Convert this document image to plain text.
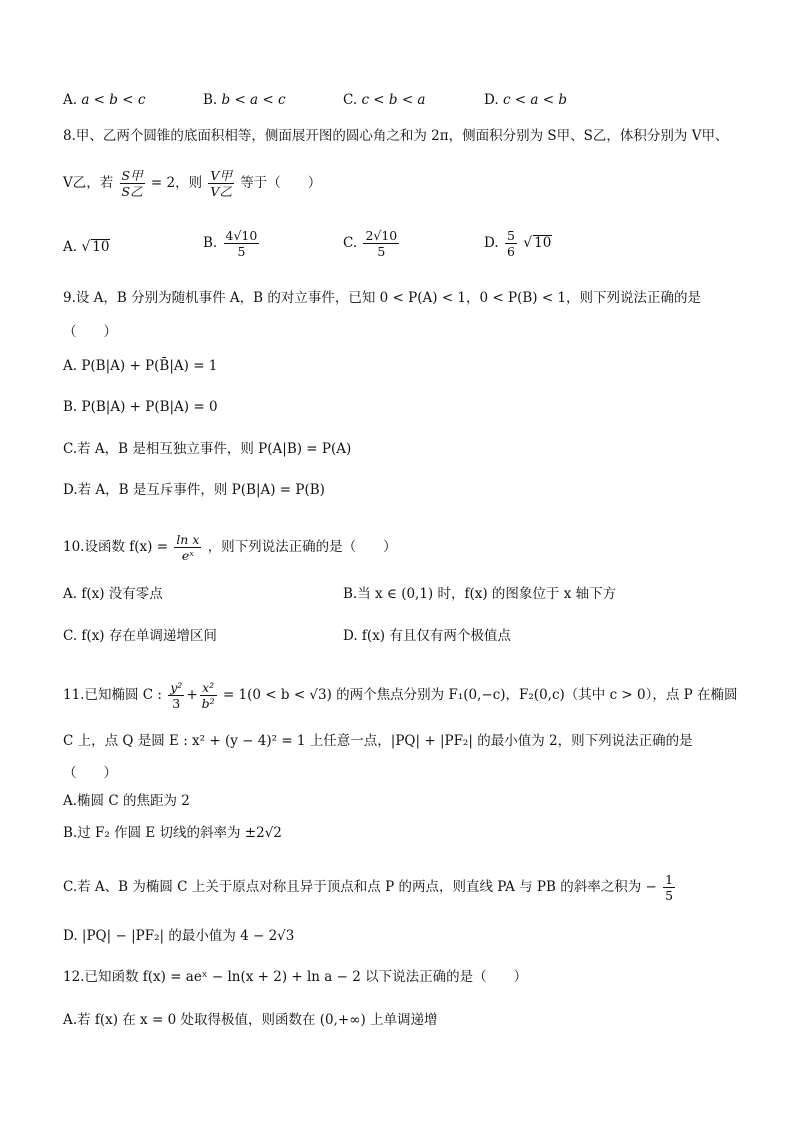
A. a < b < c	B. b < a < c	C. c < b < a	D. c < a < b
8.甲、乙两个圆锥的底面积相等，侧面展开图的圆心角之和为 2π，侧面积分别为 S甲、S乙，体积分别为 V甲、
V乙，若 $\frac{\text{S甲}}{\text{S乙}} = 2$，则 $\frac{\text{V甲}}{\text{V乙}}$ 等于（　　）
A. √ 10	B. $\frac{4√10}{5}$	C. $\frac{2√10}{5}$	D. $\frac{5}{6}$ √ 10
9.设 A，B 分别为随机事件 A，B 的对立事件，已知 0 < P(A) < 1，0 < P(B) < 1，则下列说法正确的是
（　　）
A. P(B|A) + P(B̄|A) = 1
B. P(B|A) + P(B|A) = 0
C.若 A，B 是相互独立事件，则 P(A|B) = P(A)
D.若 A，B 是互斥事件，则 P(B|A) = P(B)
10.设函数 $f(x) = \frac{\text{ln x}}{\text{eˣ}}$ ，则下列说法正确的是（　　）
A. f(x) 没有零点	B.当 x ∈ (0,1) 时，f(x) 的图象位于 x 轴下方
C. f(x) 存在单调递增区间	D. f(x) 有且仅有两个极值点
11.已知椭圆 C : $\frac{\text{y²}}{3} + \frac{\text{x²}}{\text{b²}} = 1(0 < b < √3)$ 的两个焦点分别为 F₁(0,−c)，F₂(0,c)（其中 c > 0），点 P 在椭圆
C 上，点 Q 是圆 E : x² + (y − 4)² = 1 上任意一点，|PQ| + |PF₂| 的最小值为 2，则下列说法正确的是
（　　）
A.椭圆 C 的焦距为 2
B.过 F₂ 作圆 E 切线的斜率为 ±2√2
C.若 A、B 为椭圆 C 上关于原点对称且异于顶点和点 P 的两点，则直线 PA 与 PB 的斜率之积为 − $\frac{1}{5}$
D. |PQ| − |PF₂| 的最小值为 4 − 2√3
12.已知函数 f(x) = aeˣ − ln(x + 2) + ln a − 2 以下说法正确的是（　　）
A.若 f(x) 在 x = 0 处取得极值，则函数在 (0,+∞) 上单调递增
